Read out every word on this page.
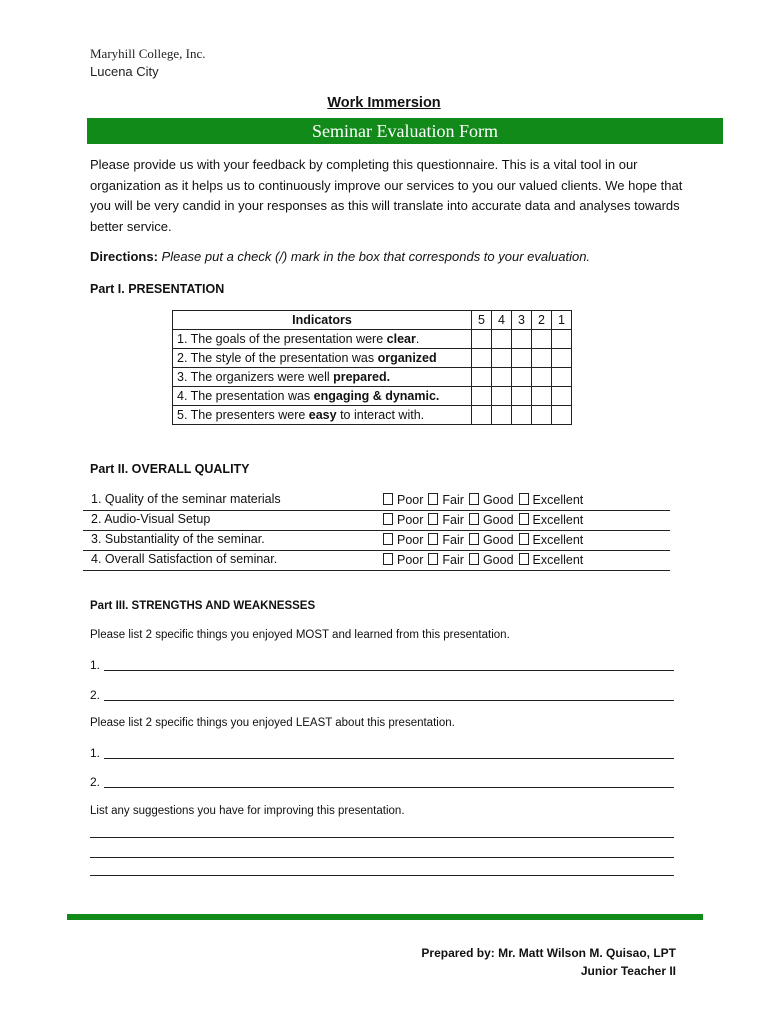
Maryhill College, Inc.
Lucena City
Work Immersion
Seminar Evaluation Form
Please provide us with your feedback by completing this questionnaire. This is a vital tool in our organization as it helps us to continuously improve our services to you our valued clients. We hope that you will be very candid in your responses as this will translate into accurate data and analyses towards better service.
Directions: Please put a check (/) mark in the box that corresponds to your evaluation.
Part I. PRESENTATION
Indicators	5	4	3	2	1
1. The goals of the presentation were clear.					
2. The style of the presentation was organized					
3. The organizers were well prepared.					
4. The presentation was engaging & dynamic.					
5. The presenters were easy to interact with.					
Part II. OVERALL QUALITY
1. Quality of the seminar materials	Poor	Fair	Good	Excellent
2. Audio-Visual Setup	Poor	Fair	Good	Excellent
3. Substantiality of the seminar.	Poor	Fair	Good	Excellent
4. Overall Satisfaction of seminar.	Poor	Fair	Good	Excellent
Part III. STRENGTHS AND WEAKNESSES
Please list 2 specific things you enjoyed MOST and learned from this presentation.
1.
2.
Please list 2 specific things you enjoyed LEAST about this presentation.
1.
2.
List any suggestions you have for improving this presentation.
Prepared by: Mr. Matt Wilson M. Quisao, LPT
Junior Teacher II
